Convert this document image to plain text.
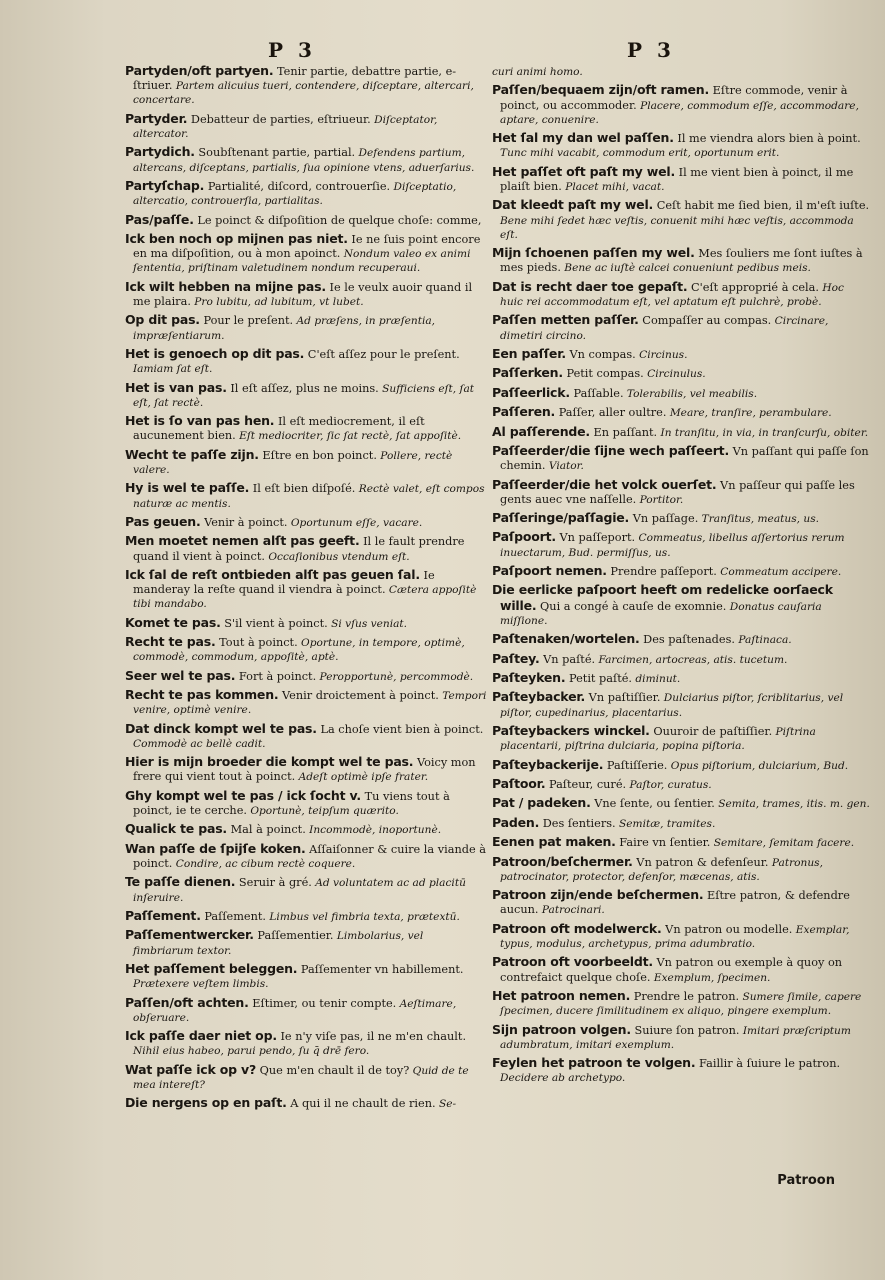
P 3	P 3

Partyden/oft partyen. Tenir partie, debattre partie, e-ſtriuer. Partem alicuius tueri, contendere, diſceptare, altercari, concertare.

Partyder. Debatteur de parties, eſtriueur. Diſceptator, altercator.

Partydich. Soubſtenant partie, partial. Defendens partium, altercans, diſceptans, partialis, ſua opinione vtens, aduerſarius.

Partyſchap. Partialité, diſcord, controuerſie. Diſceptatio, altercatio, controuerſia, partialitas.

Pas/paſſe. Le poinct & diſpoſition de quelque choſe: comme,

Ick ben noch op mijnen pas niet. Ie ne ſuis point encore en ma diſpoſition, ou à mon apoinct. Nondum valeo ex animi ſententia, priſtinam valetudinem nondum recuperaui.

Ick wilt hebben na mijne pas. Ie le veulx auoir quand il me plaira. Pro lubitu, ad lubitum, vt lubet.

Op dit pas. Pour le preſent. Ad præſens, in præſentia, impræſentiarum.

Het is genoech op dit pas. C'eſt aſſez pour le preſent. Iamiam ſat eſt.

Het is van pas. Il eſt aſſez, plus ne moins. Sufficiens eſt, ſat eſt, ſat rectè.

Het is ſo van pas hen. Il eſt mediocrement, il eſt aucunement bien. Eſt mediocriter, ſic ſat rectè, ſat appoſitè.

Wecht te paſſe zijn. Eſtre en bon poinct. Pollere, rectè valere.

Hy is wel te paſſe. Il eſt bien diſpoſé. Rectè valet, eſt compos naturæ ac mentis.

Pas geuen. Venir à poinct. Oportunum eſſe, vacare.

Men moetet nemen alſt pas geeft. Il le fault prendre quand il vient à poinct. Occaſionibus vtendum eſt.

Ick ſal de reſt ontbieden alſt pas geuen ſal. Ie manderay la reſte quand il viendra à poinct. Cætera appoſitè tibi mandabo.

Komet te pas. S'il vient à poinct. Si vſus veniat.

Recht te pas. Tout à poinct. Oportune, in tempore, optimè, commodè, commodum, appoſitè, aptè.

Seer wel te pas. Fort à poinct. Peropportunè, percommodè.

Recht te pas kommen. Venir droictement à poinct. Tempori venire, optimè venire.

Dat dinck kompt wel te pas. La choſe vient bien à poinct. Commodè ac bellè cadit.

Hier is mijn broeder die kompt wel te pas. Voicy mon frere qui vient tout à poinct. Adeſt optimè ipſe frater.

Ghy kompt wel te pas / ick ſocht v. Tu viens tout à poinct, ie te cerche. Oportunè, teipſum quærito.

Qualick te pas. Mal à poinct. Incommodè, inoportunè.

Wan paſſe de ſpijſe koken. Aſſaiſonner & cuire la viande à poinct. Condire, ac cibum rectè coquere.

Te paſſe dienen. Seruir à gré. Ad voluntatem ac ad placitū inſeruire.

Paſſement. Paſſement. Limbus vel fimbria texta, prætextū.

Paſſementwercker. Paſſementier. Limbolarius, vel fimbriarum textor.

Het paſſement beleggen. Paſſementer vn habillement. Prætexere veſtem limbis.

Paſſen/oft achten. Eſtimer, ou tenir compte. Aeſtimare, obſeruare.

Ick paſſe daer niet op. Ie n'y viſe pas, il ne m'en chault. Nihil eius habeo, parui pendo, ſu q̄ drē fero.

Wat paſſe ick op v? Que m'en chault il de toy? Quid de te mea intereſt?

Die nergens op en paſt. A qui il ne chault de rien. Se-

curi animi homo.

Paſſen/bequaem zijn/oft ramen. Eſtre commode, venir à poinct, ou accommoder. Placere, commodum eſſe, accommodare, aptare, conuenire.

Het ſal my dan wel paſſen. Il me viendra alors bien à point. Tunc mihi vacabit, commodum erit, oportunum erit.

Het paſſet oft paſt my wel. Il me vient bien à poinct, il me plaiſt bien. Placet mihi, vacat.

Dat kleedt paſt my wel. Ceſt habit me ſied bien, il m'eſt iuſte. Bene mihi ſedet hæc veſtis, conuenit mihi hæc veſtis, accommoda eſt.

Mijn ſchoenen paſſen my wel. Mes ſouliers me ſont iuſtes à mes pieds. Bene ac iuſtè calcei conueniunt pedibus meis.

Dat is recht daer toe gepaſt. C'eſt approprié à cela. Hoc huic rei accommodatum eſt, vel aptatum eſt pulchrè, probè.

Paſſen metten paſſer. Compaſſer au compas. Circinare, dimetiri circino.

Een paſſer. Vn compas. Circinus.

Paſſerken. Petit compas. Circinulus.

Paſſeerlick. Paſſable. Tolerabilis, vel meabilis.

Paſſeren. Paſſer, aller oultre. Meare, tranſire, perambulare.

Al paſſerende. En paſſant. In tranſitu, in via, in tranſcurſu, obiter.

Paſſeerder/die ſijne wech paſſeert. Vn paſſant qui paſſe ſon chemin. Viator.

Paſſeerder/die het volck ouerſet. Vn paſſeur qui paſſe les gents auec vne naſſelle. Portitor.

Paſſeringe/paſſagie. Vn paſſage. Tranſitus, meatus, us.

Paſpoort. Vn paſſeport. Commeatus, libellus aſſertorius rerum inuectarum, Bud. permiſſus, us.

Paſpoort nemen. Prendre paſſeport. Commeatum accipere.

Die eerlicke paſpoort heeft om redelicke oorſaeck wille. Qui a congé à cauſe de exomnie. Donatus cauſaria miſſione.

Paſtenaken/wortelen. Des paſtenades. Paſtinaca.

Paſtey. Vn paſté. Farcimen, artocreas, atis. tucetum.

Paſteyken. Petit paſté. diminut.

Paſteybacker. Vn paſtiſſier. Dulciarius piſtor, ſcriblitarius, vel piſtor, cupedinarius, placentarius.

Paſteybackers winckel. Ouuroir de paſtiſſier. Piſtrina placentarii, piſtrina dulciaria, popina piſtoria.

Paſteybackerije. Paſtiſſerie. Opus piſtorium, dulciarium, Bud.

Paſtoor. Paſteur, curé. Paſtor, curatus.

Pat / padeken. Vne ſente, ou ſentier. Semita, trames, itis. m. gen.

Paden. Des ſentiers. Semitæ, tramites.

Eenen pat maken. Faire vn ſentier. Semitare, ſemitam facere.

Patroon/beſchermer. Vn patron & defenſeur. Patronus, patrocinator, protector, defenſor, mæcenas, atis.

Patroon zijn/ende beſchermen. Eſtre patron, & defendre aucun. Patrocinari.

Patroon oft modelwerck. Vn patron ou modelle. Exemplar, typus, modulus, archetypus, prima adumbratio.

Patroon oft voorbeeldt. Vn patron ou exemple à quoy on contrefaict quelque choſe. Exemplum, ſpecimen.

Het patroon nemen. Prendre le patron. Sumere ſimile, capere ſpecimen, ducere ſimilitudinem ex aliquo, pingere exemplum.

Sijn patroon volgen. Suiure ſon patron. Imitari præſcriptum adumbratum, imitari exemplum.

Feylen het patroon te volgen. Faillir à ſuiure le patron. Decidere ab archetypo.

Patroon
